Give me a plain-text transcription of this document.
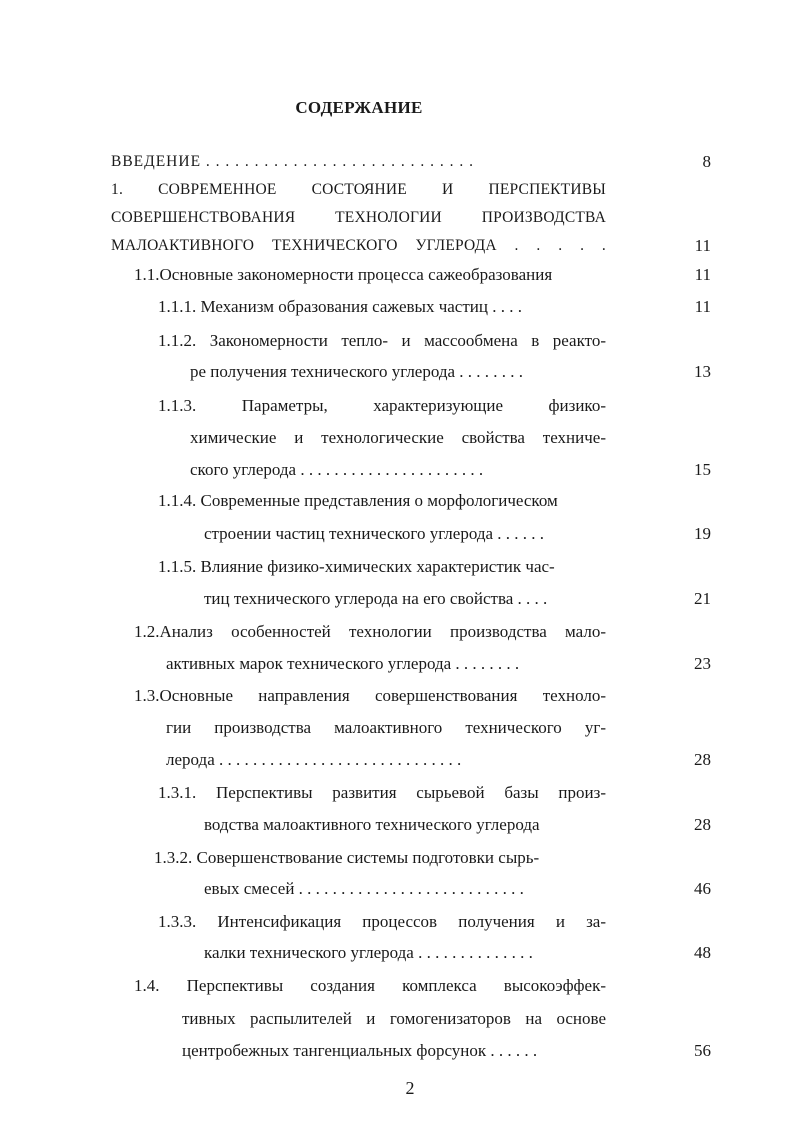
СОДЕРЖАНИЕ
ВВЕДЕНИЕ . . . . . . . . . . . . . . . . . . . . . . . . . . . .	8
1. СОВРЕМЕННОЕ СОСТОЯНИЕ И ПЕРСПЕКТИВЫ
СОВЕРШЕНСТВОВАНИЯ ТЕХНОЛОГИИ ПРОИЗВОДСТВА
МАЛОАКТИВНОГО ТЕХНИЧЕСКОГО УГЛЕРОДА . . . . .	11
1.1.Основные закономерности процесса сажеобразования	11
1.1.1. Механизм образования сажевых частиц . . . .	11
1.1.2. Закономерности тепло- и массообмена в реакто-
ре получения технического углерода . . . . . . . .	13
1.1.3. Параметры, характеризующие физико-
химические и технологические свойства техниче-
ского углерода . . . . . . . . . . . . . . . . . . . . . .	15
1.1.4. Современные представления о морфологическом
строении частиц технического углерода . . . . . .	19
1.1.5. Влияние физико-химических характеристик час-
тиц технического углерода на его свойства . . . .	21
1.2.Анализ особенностей технологии производства мало-
активных марок технического углерода . . . . . . . .	23
1.3.Основные направления совершенствования техноло-
гии производства малоактивного технического уг-
лерода . . . . . . . . . . . . . . . . . . . . . . . . . . . . .	28
1.3.1. Перспективы развития сырьевой базы произ-
водства малоактивного технического углерода	28
1.3.2. Совершенствование системы подготовки сырь-
евых смесей . . . . . . . . . . . . . . . . . . . . . . . . . . .	46
1.3.3. Интенсификация процессов получения и за-
калки технического углерода . . . . . . . . . . . . . .	48
1.4. Перспективы создания комплекса высокоэффек-
тивных распылителей и гомогенизаторов на основе
центробежных тангенциальных форсунок . . . . . .	56
2
